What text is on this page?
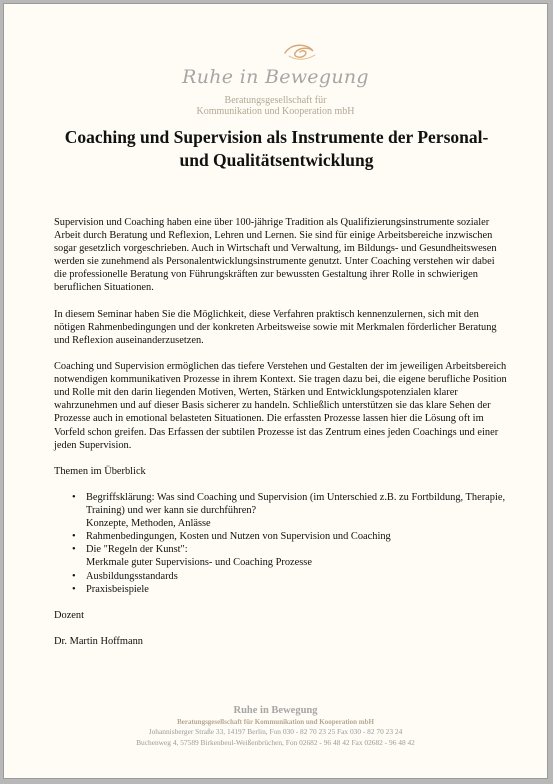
Ruhe in Bewegung
Beratungsgesellschaft für
Kommunikation und Kooperation mbH
Coaching und Supervision als Instrumente der Personal-
und Qualitätsentwicklung

Supervision und Coaching haben eine über 100-jährige Tradition als Qualifizierungsinstrumente sozialer Arbeit durch Beratung und Reflexion, Lehren und Lernen. Sie sind für einige Arbeitsbereiche inzwischen sogar gesetzlich vorgeschrieben. Auch in Wirtschaft und Verwaltung, im Bildungs- und Gesundheitswesen werden sie zunehmend als Personalentwicklungsinstrumente genutzt. Unter Coaching verstehen wir dabei die professionelle Beratung von Führungskräften zur bewussten Gestaltung ihrer Rolle in schwierigen beruflichen Situationen.

In diesem Seminar haben Sie die Möglichkeit, diese Verfahren praktisch kennenzulernen, sich mit den nötigen Rahmenbedingungen und der konkreten Arbeitsweise sowie mit Merkmalen förderlicher Beratung und Reflexion auseinanderzusetzen.

Coaching und Supervision ermöglichen das tiefere Verstehen und Gestalten der im jeweiligen Arbeitsbereich notwendigen kommunikativen Prozesse in ihrem Kontext. Sie tragen dazu bei, die eigene berufliche Position und Rolle mit den darin liegenden Motiven, Werten, Stärken und Entwicklungspotenzialen klarer wahrzunehmen und auf dieser Basis sicherer zu handeln. Schließlich unterstützen sie das klare Sehen der Prozesse auch in emotional belasteten Situationen. Die erfassten Prozesse lassen hier die Lösung oft im Vorfeld schon greifen. Das Erfassen der subtilen Prozesse ist das Zentrum eines jeden Coachings und einer jeden Supervision.

Themen im Überblick

• Begriffsklärung: Was sind Coaching und Supervision (im Unterschied z.B. zu Fortbildung, Therapie, Training) und wer kann sie durchführen?
Konzepte, Methoden, Anlässe
• Rahmenbedingungen, Kosten und Nutzen von Supervision und Coaching
• Die "Regeln der Kunst":
Merkmale guter Supervisions- und Coaching Prozesse
• Ausbildungsstandards
• Praxisbeispiele

Dozent

Dr. Martin Hoffmann

Ruhe in Bewegung
Beratungsgesellschaft für Kommunikation und Kooperation mbH
Johannisberger Straße 33, 14197 Berlin, Fon 030 - 82 70 23 25 Fax 030 - 82 70 23 24
Buchenweg 4, 57589 Birkenbeul-Weißenbrüchen, Fon 02682 - 96 48 42 Fax 02682 - 96 48 42
